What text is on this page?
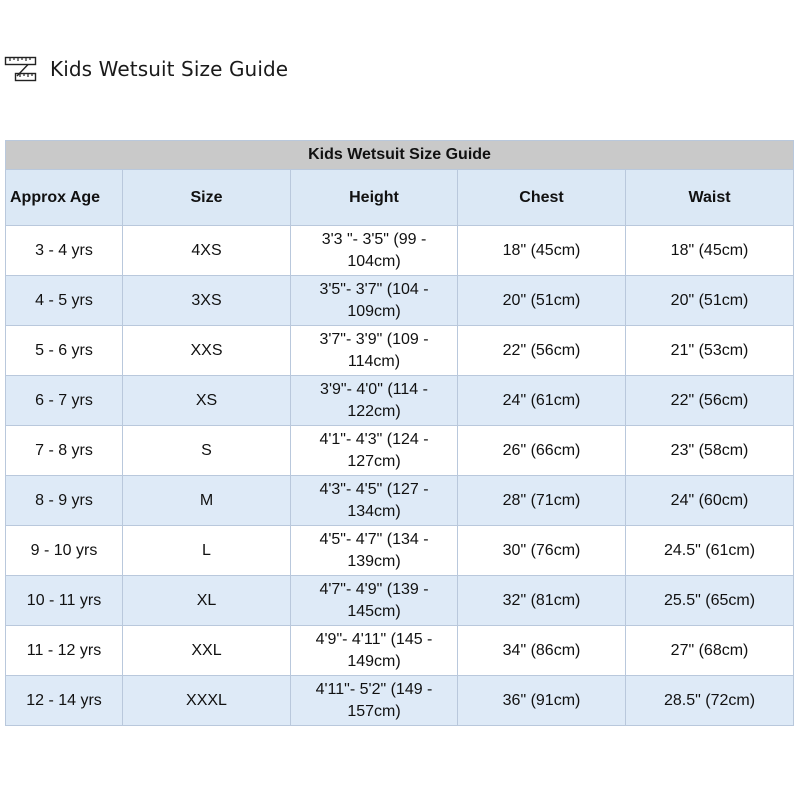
Kids Wetsuit Size Guide
Kids Wetsuit Size Guide				
Approx Age	Size	Height	Chest	Waist
3 - 4 yrs	4XS	3'3 "- 3'5" (99 - 104cm)	18" (45cm)	18" (45cm)
4 - 5 yrs	3XS	3'5"- 3'7" (104 - 109cm)	20" (51cm)	20" (51cm)
5 - 6 yrs	XXS	3'7"- 3'9" (109 - 114cm)	22" (56cm)	21" (53cm)
6 - 7 yrs	XS	3'9"- 4'0" (114 - 122cm)	24" (61cm)	22" (56cm)
7 - 8 yrs	S	4'1"- 4'3" (124 - 127cm)	26" (66cm)	23" (58cm)
8 - 9 yrs	M	4'3"- 4'5" (127 - 134cm)	28" (71cm)	24" (60cm)
9 - 10 yrs	L	4'5"- 4'7" (134 - 139cm)	30" (76cm)	24.5" (61cm)
10 - 11 yrs	XL	4'7"- 4'9" (139 - 145cm)	32" (81cm)	25.5" (65cm)
11 - 12 yrs	XXL	4'9"- 4'11" (145 - 149cm)	34" (86cm)	27" (68cm)
12 - 14 yrs	XXXL	4'11"- 5'2" (149 - 157cm)	36" (91cm)	28.5" (72cm)
